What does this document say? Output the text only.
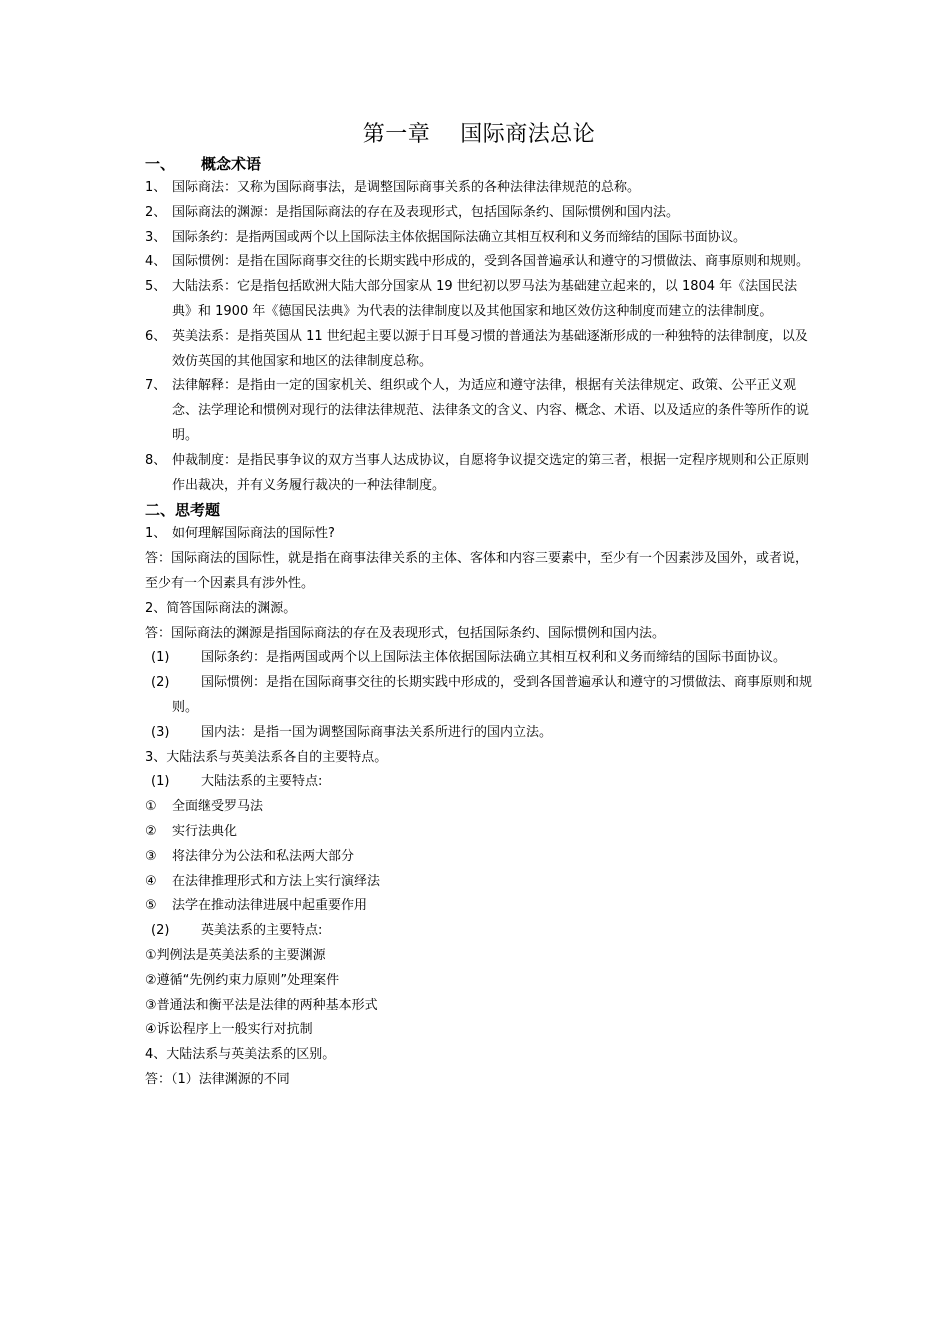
第一章    国际商法总论

一、 概念术语

1、 国际商法：又称为国际商事法，是调整国际商事关系的各种法律法律规范的总称。

2、 国际商法的渊源：是指国际商法的存在及表现形式，包括国际条约、国际惯例和国内法。

3、 国际条约：是指两国或两个以上国际法主体依据国际法确立其相互权利和义务而缔结的国际书面协议。

4、 国际惯例：是指在国际商事交往的长期实践中形成的，受到各国普遍承认和遵守的习惯做法、商事原则和规则。

5、 大陆法系：它是指包括欧洲大陆大部分国家从 19 世纪初以罗马法为基础建立起来的，以 1804 年《法国民法典》和 1900 年《德国民法典》为代表的法律制度以及其他国家和地区效仿这种制度而建立的法律制度。

6、 英美法系：是指英国从 11 世纪起主要以源于日耳曼习惯的普通法为基础逐渐形成的一种独特的法律制度，以及效仿英国的其他国家和地区的法律制度总称。

7、 法律解释：是指由一定的国家机关、组织或个人，为适应和遵守法律，根据有关法律规定、政策、公平正义观念、法学理论和惯例对现行的法律法律规范、法律条文的含义、内容、概念、术语、以及适应的条件等所作的说明。

8、 仲裁制度：是指民事争议的双方当事人达成协议，自愿将争议提交选定的第三者，根据一定程序规则和公正原则作出裁决，并有义务履行裁决的一种法律制度。

二、思考题

1、 如何理解国际商法的国际性?

答：国际商法的国际性，就是指在商事法律关系的主体、客体和内容三要素中，至少有一个因素涉及国外，或者说，至少有一个因素具有涉外性。

2、简答国际商法的渊源。

答：国际商法的渊源是指国际商法的存在及表现形式，包括国际条约、国际惯例和国内法。

(1) 国际条约：是指两国或两个以上国际法主体依据国际法确立其相互权利和义务而缔结的国际书面协议。

(2) 国际惯例：是指在国际商事交往的长期实践中形成的，受到各国普遍承认和遵守的习惯做法、商事原则和规则。

(3) 国内法：是指一国为调整国际商事法关系所进行的国内立法。

3、大陆法系与英美法系各自的主要特点。

(1) 大陆法系的主要特点:

① 全面继受罗马法

② 实行法典化

③ 将法律分为公法和私法两大部分

④ 在法律推理形式和方法上实行演绎法

⑤ 法学在推动法律进展中起重要作用

(2) 英美法系的主要特点:

①判例法是英美法系的主要渊源

②遵循“先例约束力原则”处理案件

③普通法和衡平法是法律的两种基本形式

④诉讼程序上一般实行对抗制

4、大陆法系与英美法系的区别。

答：（1）法律渊源的不同
